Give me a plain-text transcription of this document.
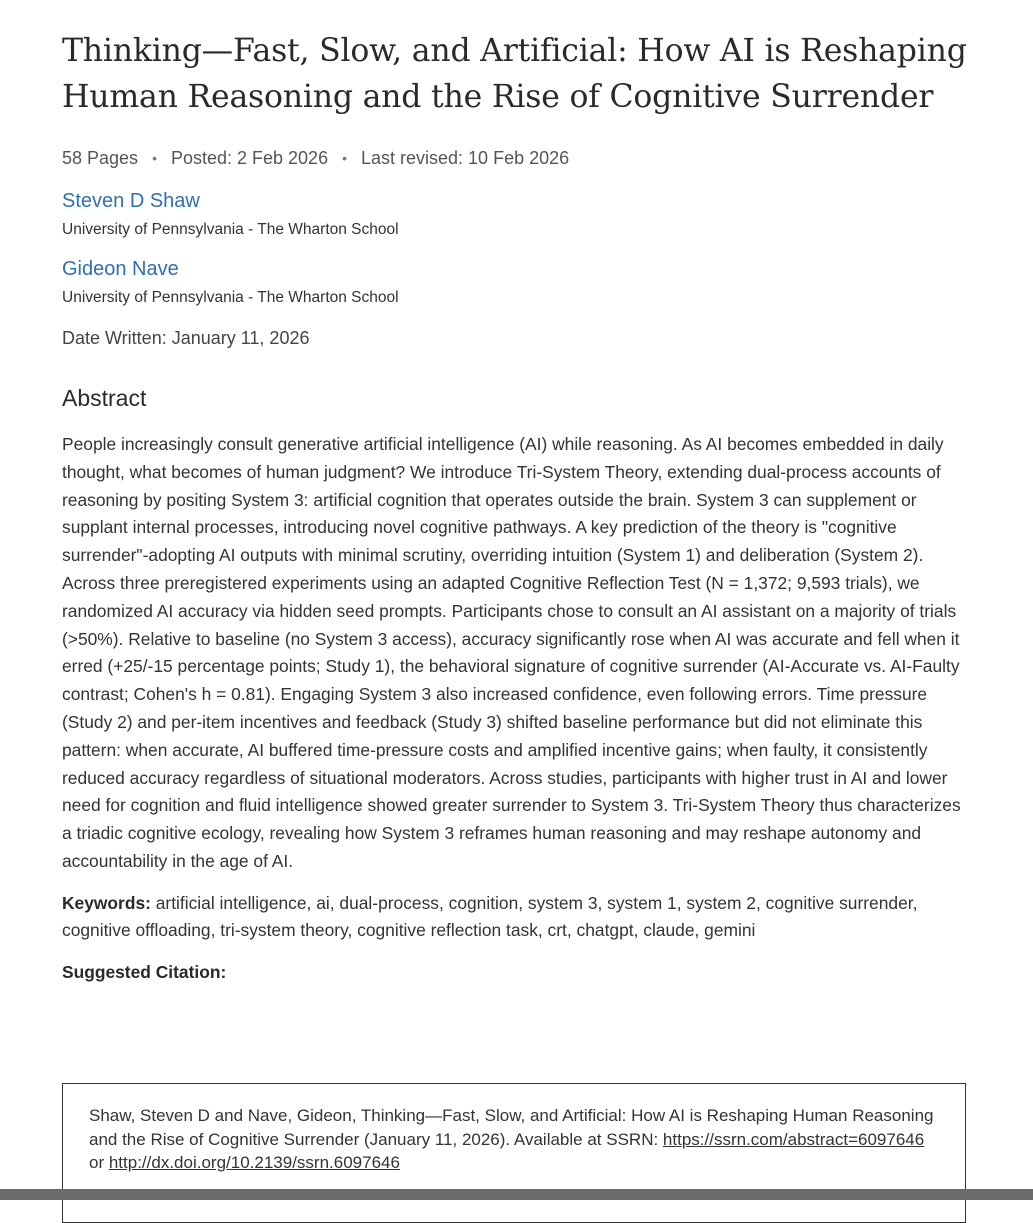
Thinking—Fast, Slow, and Artificial: How AI is Reshaping Human Reasoning and the Rise of Cognitive Surrender
58 Pages • Posted: 2 Feb 2026 • Last revised: 10 Feb 2026
Steven D Shaw
University of Pennsylvania - The Wharton School
Gideon Nave
University of Pennsylvania - The Wharton School
Date Written: January 11, 2026
Abstract
People increasingly consult generative artificial intelligence (AI) while reasoning. As AI becomes embedded in daily thought, what becomes of human judgment? We introduce Tri-System Theory, extending dual-process accounts of reasoning by positing System 3: artificial cognition that operates outside the brain. System 3 can supplement or supplant internal processes, introducing novel cognitive pathways. A key prediction of the theory is "cognitive surrender"-adopting AI outputs with minimal scrutiny, overriding intuition (System 1) and deliberation (System 2). Across three preregistered experiments using an adapted Cognitive Reflection Test (N = 1,372; 9,593 trials), we randomized AI accuracy via hidden seed prompts. Participants chose to consult an AI assistant on a majority of trials (>50%). Relative to baseline (no System 3 access), accuracy significantly rose when AI was accurate and fell when it erred (+25/-15 percentage points; Study 1), the behavioral signature of cognitive surrender (AI-Accurate vs. AI-Faulty contrast; Cohen's h = 0.81). Engaging System 3 also increased confidence, even following errors. Time pressure (Study 2) and per-item incentives and feedback (Study 3) shifted baseline performance but did not eliminate this pattern: when accurate, AI buffered time-pressure costs and amplified incentive gains; when faulty, it consistently reduced accuracy regardless of situational moderators. Across studies, participants with higher trust in AI and lower need for cognition and fluid intelligence showed greater surrender to System 3. Tri-System Theory thus characterizes a triadic cognitive ecology, revealing how System 3 reframes human reasoning and may reshape autonomy and accountability in the age of AI.
Keywords: artificial intelligence, ai, dual-process, cognition, system 3, system 1, system 2, cognitive surrender, cognitive offloading, tri-system theory, cognitive reflection task, crt, chatgpt, claude, gemini
Suggested Citation:
Shaw, Steven D and Nave, Gideon, Thinking—Fast, Slow, and Artificial: How AI is Reshaping Human Reasoning and the Rise of Cognitive Surrender (January 11, 2026). Available at SSRN: https://ssrn.com/abstract=6097646 or http://dx.doi.org/10.2139/ssrn.6097646
